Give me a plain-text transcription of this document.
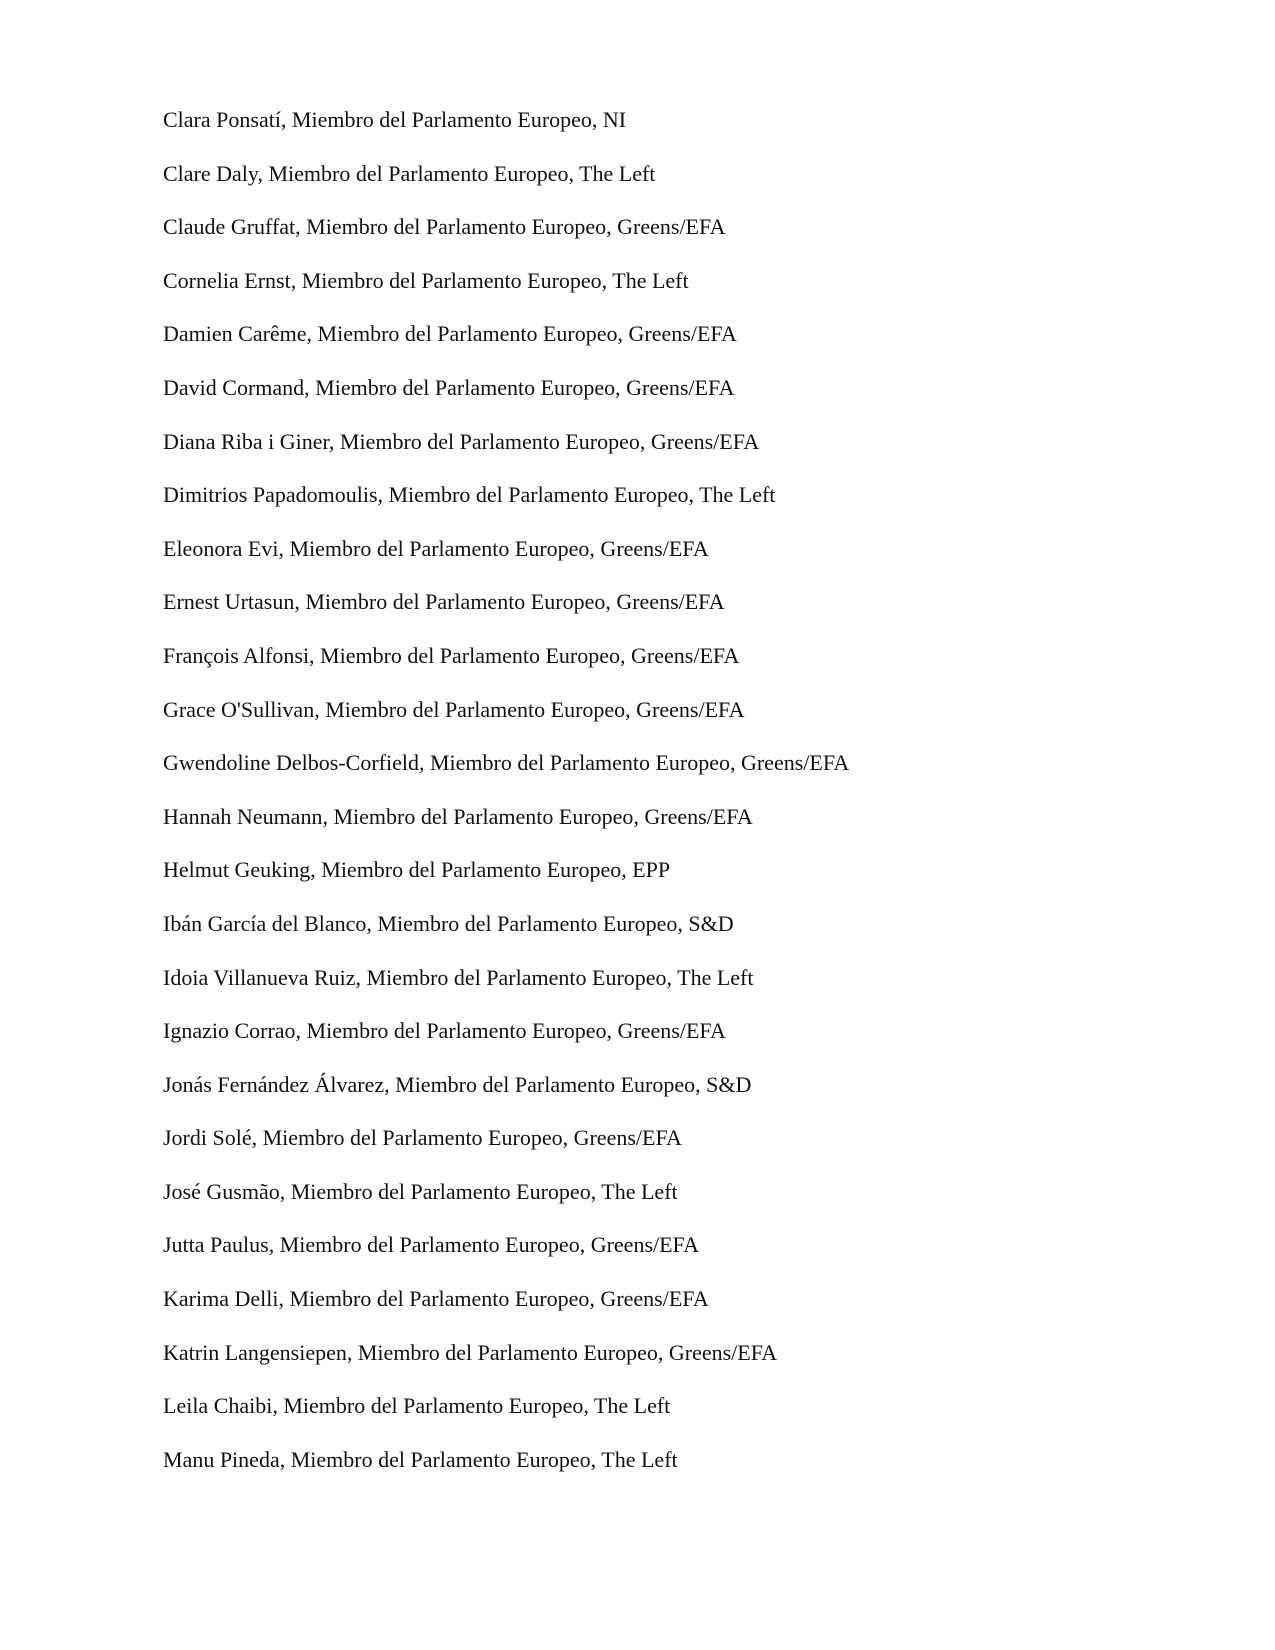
Clara Ponsatí, Miembro del Parlamento Europeo, NI
Clare Daly, Miembro del Parlamento Europeo, The Left
Claude Gruffat, Miembro del Parlamento Europeo, Greens/EFA
Cornelia Ernst, Miembro del Parlamento Europeo, The Left
Damien Carême, Miembro del Parlamento Europeo, Greens/EFA
David Cormand, Miembro del Parlamento Europeo, Greens/EFA
Diana Riba i Giner, Miembro del Parlamento Europeo, Greens/EFA
Dimitrios Papadomoulis, Miembro del Parlamento Europeo, The Left
Eleonora Evi, Miembro del Parlamento Europeo, Greens/EFA
Ernest Urtasun, Miembro del Parlamento Europeo, Greens/EFA
François Alfonsi, Miembro del Parlamento Europeo, Greens/EFA
Grace O'Sullivan, Miembro del Parlamento Europeo, Greens/EFA
Gwendoline Delbos-Corfield, Miembro del Parlamento Europeo, Greens/EFA
Hannah Neumann, Miembro del Parlamento Europeo, Greens/EFA
Helmut Geuking, Miembro del Parlamento Europeo, EPP
Ibán García del Blanco, Miembro del Parlamento Europeo, S&D
Idoia Villanueva Ruiz, Miembro del Parlamento Europeo, The Left
Ignazio Corrao, Miembro del Parlamento Europeo, Greens/EFA
Jonás Fernández Álvarez, Miembro del Parlamento Europeo, S&D
Jordi Solé, Miembro del Parlamento Europeo, Greens/EFA
José Gusmão, Miembro del Parlamento Europeo, The Left
Jutta Paulus, Miembro del Parlamento Europeo, Greens/EFA
Karima Delli, Miembro del Parlamento Europeo, Greens/EFA
Katrin Langensiepen, Miembro del Parlamento Europeo, Greens/EFA
Leila Chaibi, Miembro del Parlamento Europeo, The Left
Manu Pineda, Miembro del Parlamento Europeo, The Left
